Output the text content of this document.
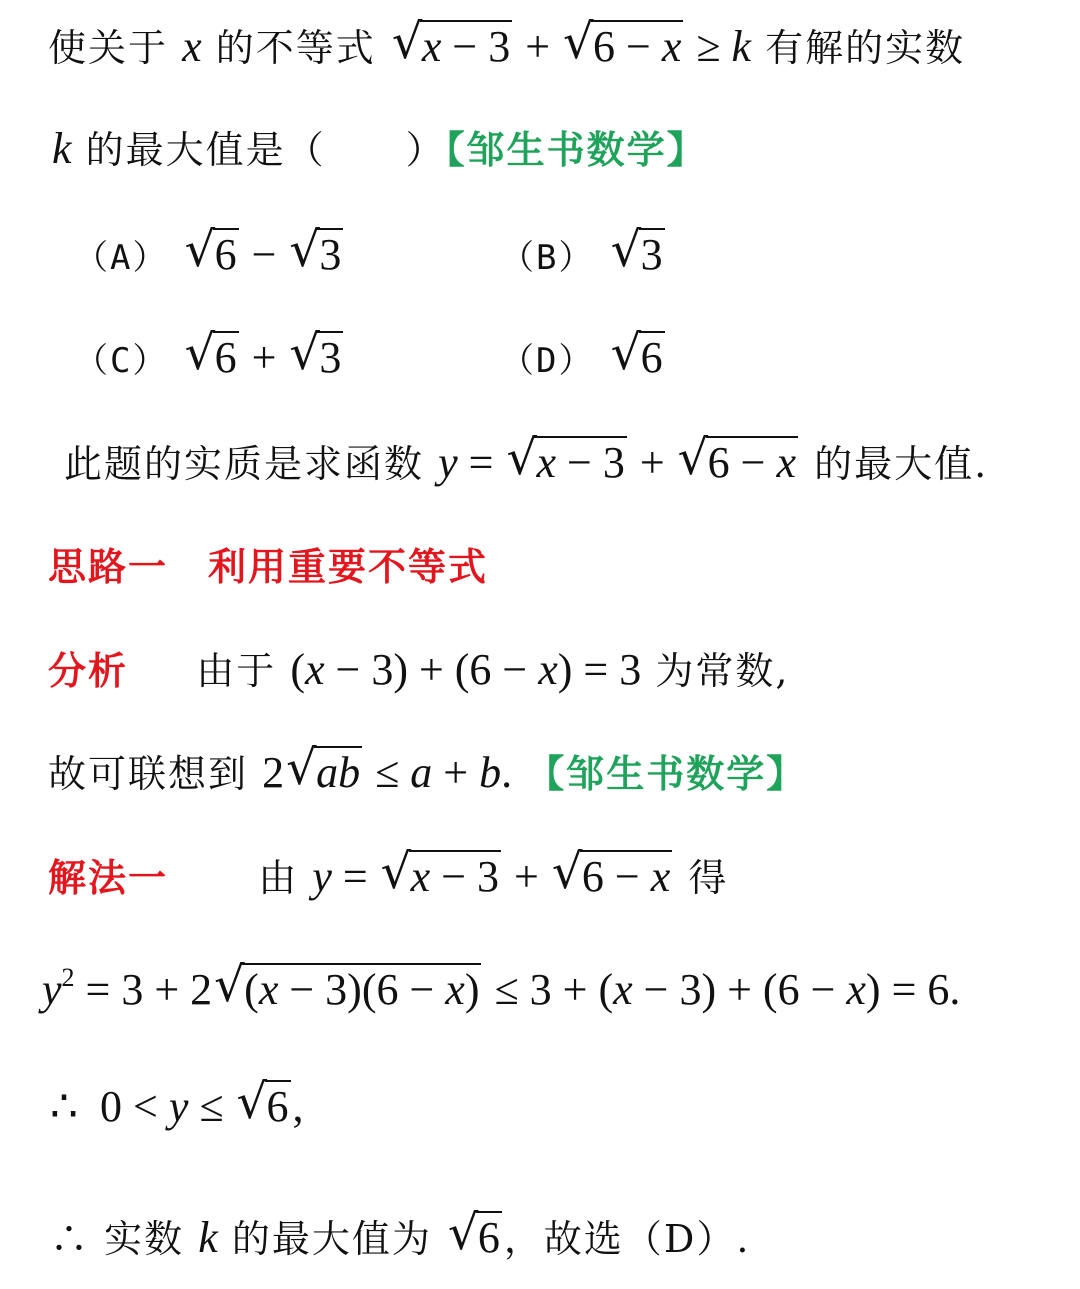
使关于 x 的不等式 √ x − 3 + √ 6 − x ≥ k 有解的实数
k 的最大值是（　　）【邹生书数学】
（A） √ 6 − √ 3	（B） √ 3
（C） √ 6 + √ 3	（D） √ 6
此题的实质是求函数 y = √ x − 3 + √ 6 − x 的最大值.
思路一　利用重要不等式
分析 由于 (x − 3) + (6 − x) = 3 为常数,
故可联想到 2√ ab ≤ a + b. 【邹生书数学】
解法一 由 y = √ x − 3 + √ 6 − x 得
$y^2 = 3 + 2√$ (x − 3)(6 − x) ≤ 3 + (x − 3) + (6 − x) = 6.
∴  0 < y ≤ √ 6,
∴ 实数 k 的最大值为 √ 6 ，故选（D）.
